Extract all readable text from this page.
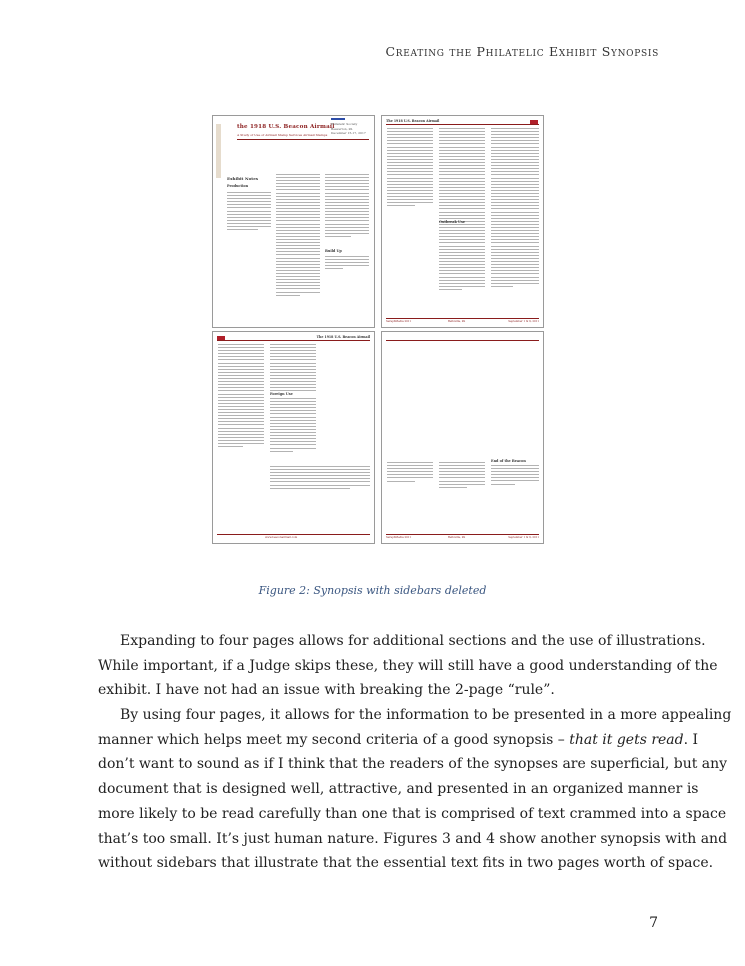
Creating the Philatelic Exhibit Synopsis
the 1918 U.S. Beacon Airmail
A Study of Use of Airmail Stamp Services Airmail Stamps
Philatelic Society
Beaverton, PA
December 15-17, 2017
Exhibit Notes
Production
Build Up
The 1918 U.S. Beacon Airmail
Outbreak Use
SeraphMedia 2011	Beltsville, PA	September 1 & 9, 2011
The 1918 U.S. Beacon Airmail
Foreign Use
www.beaconairmail.com
End of the Beacon
SeraphMedia 2011	Beltsville, PA	September 1 & 9, 2011
Figure 2: Synopsis with sidebars deleted
Expanding to four pages allows for additional sections and the use of illustrations.
While important, if a Judge skips these, they will still have a good understanding of the
exhibit. I have not had an issue with breaking the 2-page “rule”.
By using four pages, it allows for the information to be presented in a more appealing
manner which helps meet my second criteria of a good synopsis – that it gets read. I
don’t want to sound as if I think that the readers of the synopses are superficial, but any
document that is designed well, attractive, and presented in an organized manner is
more likely to be read carefully than one that is comprised of text crammed into a space
that’s too small. It’s just human nature. Figures 3 and 4 show another synopsis with and
without sidebars that illustrate that the essential text fits in two pages worth of space.
7
